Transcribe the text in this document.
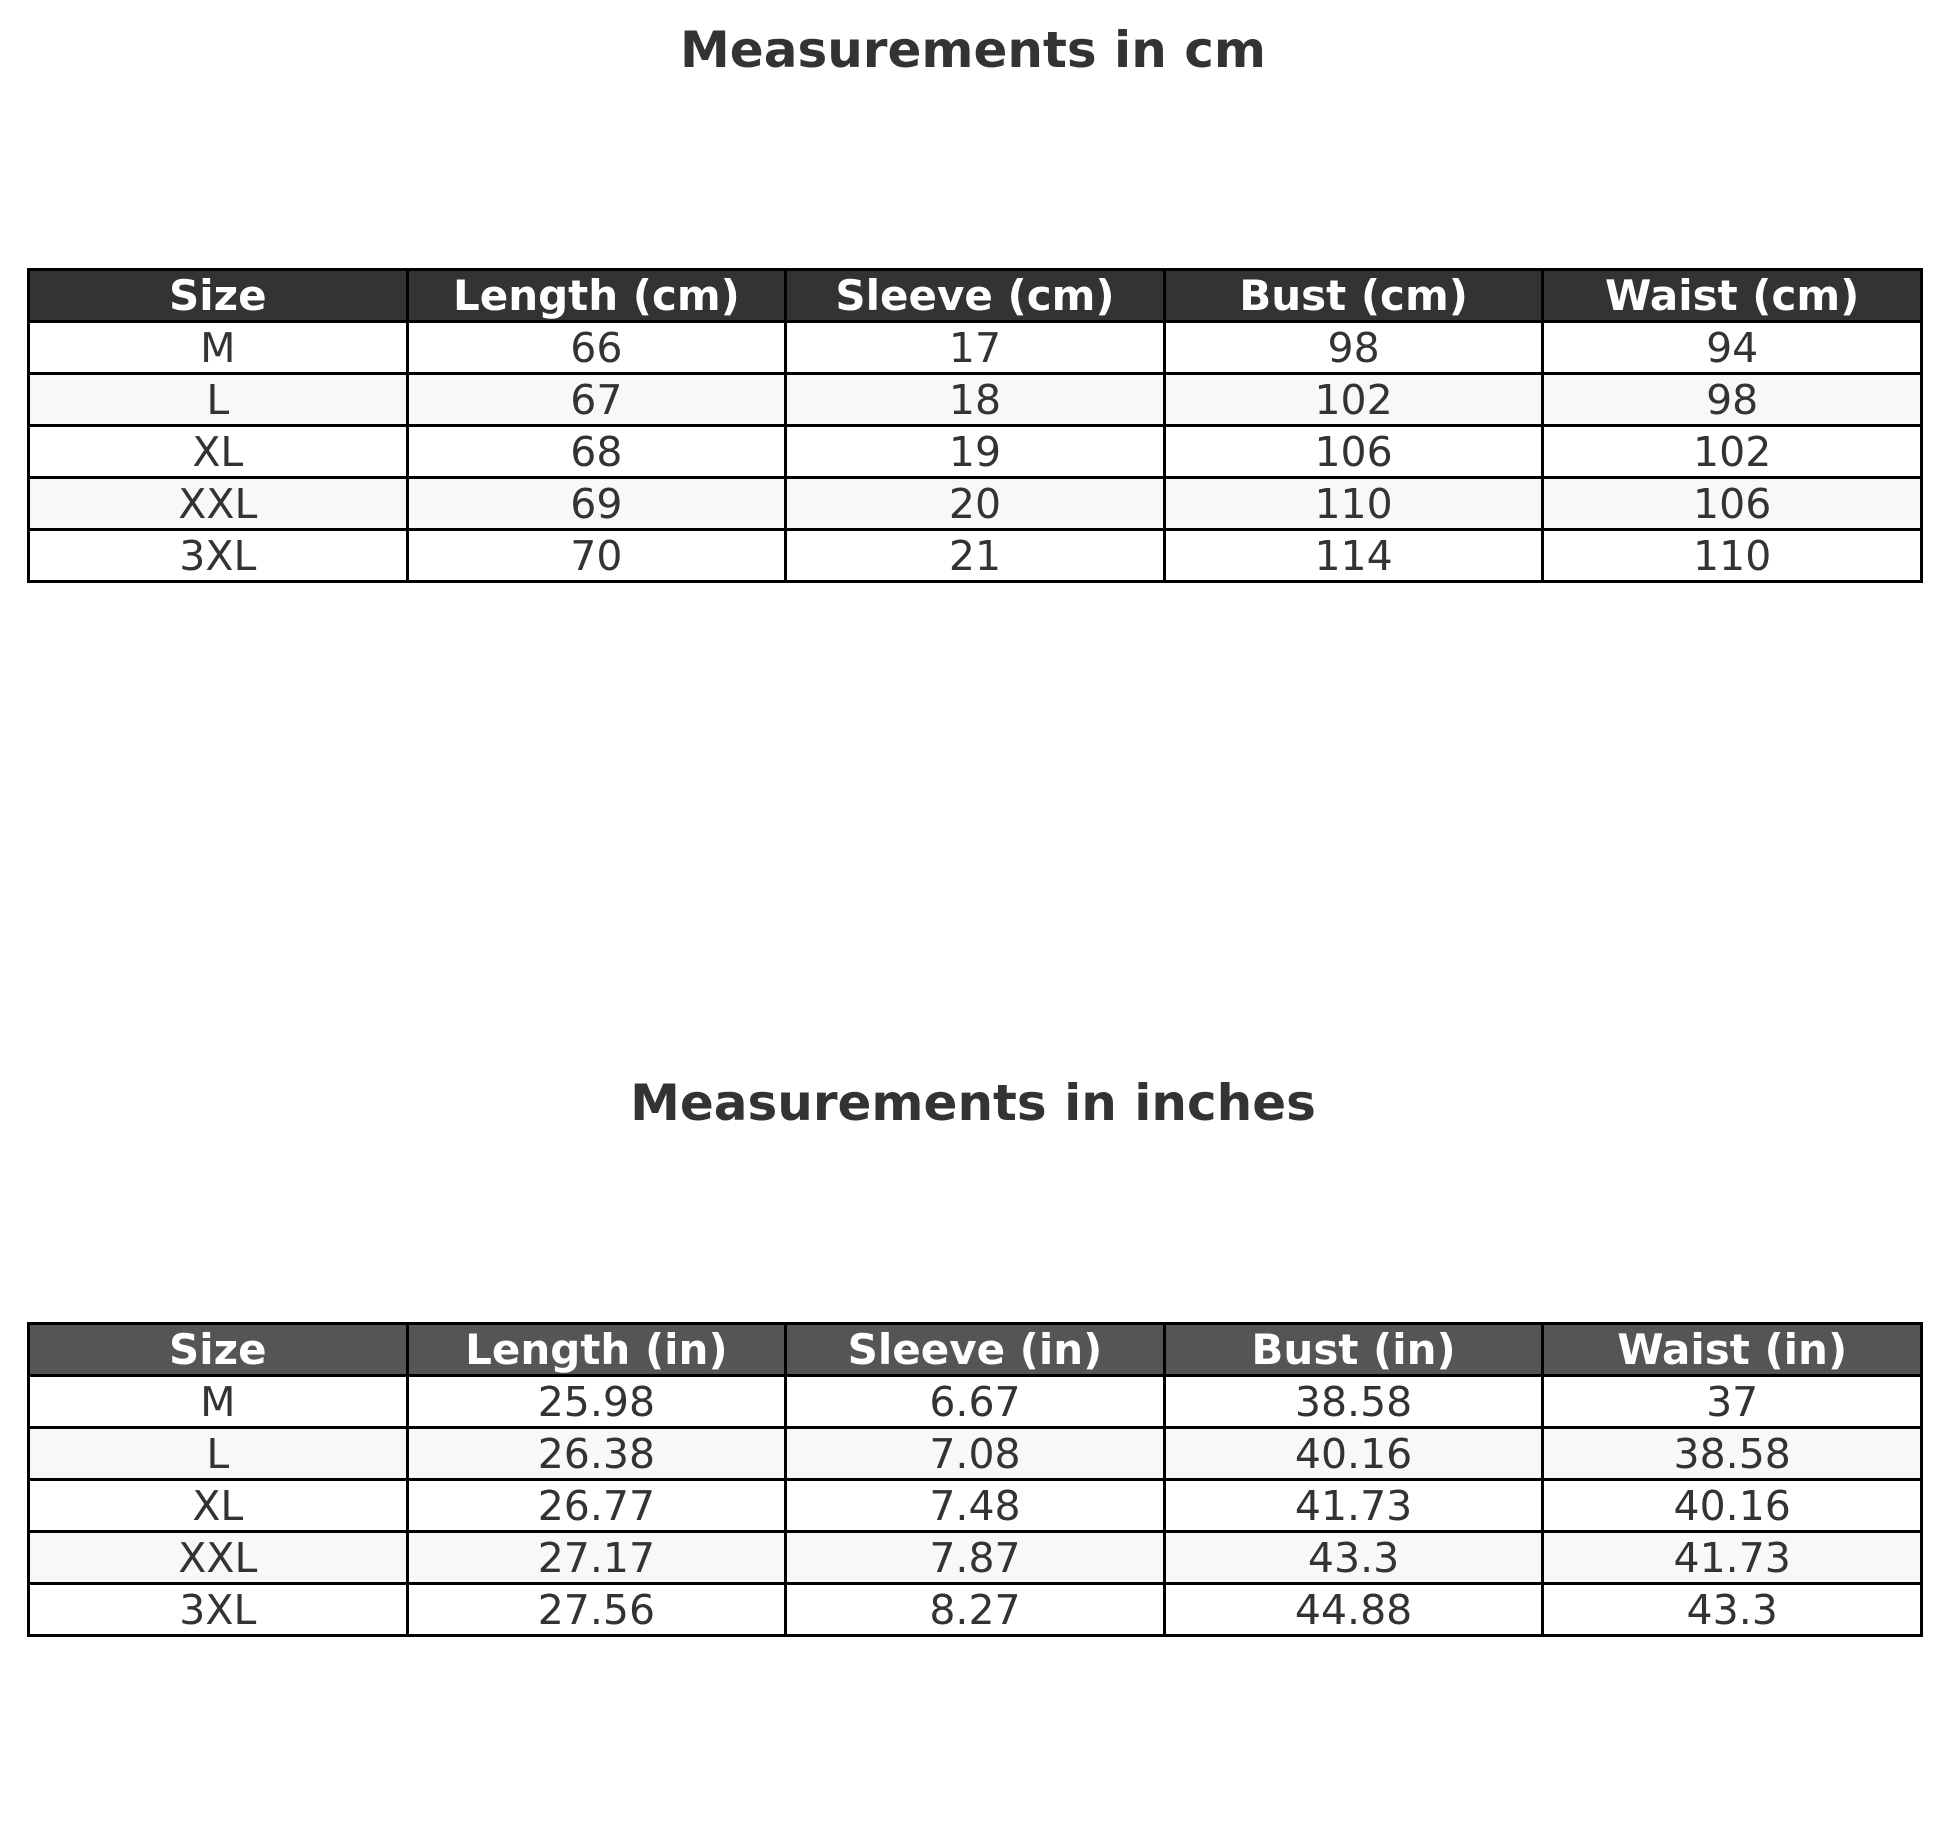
Measurements in cm
Size	Length (cm)	Sleeve (cm)	Bust (cm)	Waist (cm)
M	66	17	98	94
L	67	18	102	98
XL	68	19	106	102
XXL	69	20	110	106
3XL	70	21	114	110
Measurements in inches
Size	Length (in)	Sleeve (in)	Bust (in)	Waist (in)
M	25.98	6.67	38.58	37
L	26.38	7.08	40.16	38.58
XL	26.77	7.48	41.73	40.16
XXL	27.17	7.87	43.3	41.73
3XL	27.56	8.27	44.88	43.3
